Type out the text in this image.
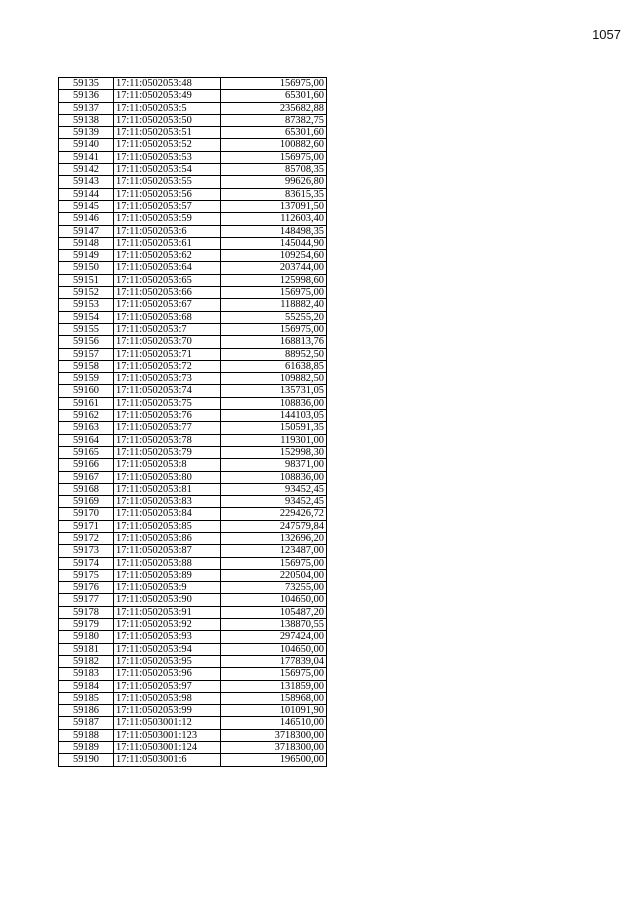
1057
59135	17:11:0502053:48	156975,00
59136	17:11:0502053:49	65301,60
59137	17:11:0502053:5	235682,88
59138	17:11:0502053:50	87382,75
59139	17:11:0502053:51	65301,60
59140	17:11:0502053:52	100882,60
59141	17:11:0502053:53	156975,00
59142	17:11:0502053:54	85708,35
59143	17:11:0502053:55	99626,80
59144	17:11:0502053:56	83615,35
59145	17:11:0502053:57	137091,50
59146	17:11:0502053:59	112603,40
59147	17:11:0502053:6	148498,35
59148	17:11:0502053:61	145044,90
59149	17:11:0502053:62	109254,60
59150	17:11:0502053:64	203744,00
59151	17:11:0502053:65	125998,60
59152	17:11:0502053:66	156975,00
59153	17:11:0502053:67	118882,40
59154	17:11:0502053:68	55255,20
59155	17:11:0502053:7	156975,00
59156	17:11:0502053:70	168813,76
59157	17:11:0502053:71	88952,50
59158	17:11:0502053:72	61638,85
59159	17:11:0502053:73	109882,50
59160	17:11:0502053:74	135731,05
59161	17:11:0502053:75	108836,00
59162	17:11:0502053:76	144103,05
59163	17:11:0502053:77	150591,35
59164	17:11:0502053:78	119301,00
59165	17:11:0502053:79	152998,30
59166	17:11:0502053:8	98371,00
59167	17:11:0502053:80	108836,00
59168	17:11:0502053:81	93452,45
59169	17:11:0502053:83	93452,45
59170	17:11:0502053:84	229426,72
59171	17:11:0502053:85	247579,84
59172	17:11:0502053:86	132696,20
59173	17:11:0502053:87	123487,00
59174	17:11:0502053:88	156975,00
59175	17:11:0502053:89	220504,00
59176	17:11:0502053:9	73255,00
59177	17:11:0502053:90	104650,00
59178	17:11:0502053:91	105487,20
59179	17:11:0502053:92	138870,55
59180	17:11:0502053:93	297424,00
59181	17:11:0502053:94	104650,00
59182	17:11:0502053:95	177839,04
59183	17:11:0502053:96	156975,00
59184	17:11:0502053:97	131859,00
59185	17:11:0502053:98	158968,00
59186	17:11:0502053:99	101091,90
59187	17:11:0503001:12	146510,00
59188	17:11:0503001:123	3718300,00
59189	17:11:0503001:124	3718300,00
59190	17:11:0503001:6	196500,00
